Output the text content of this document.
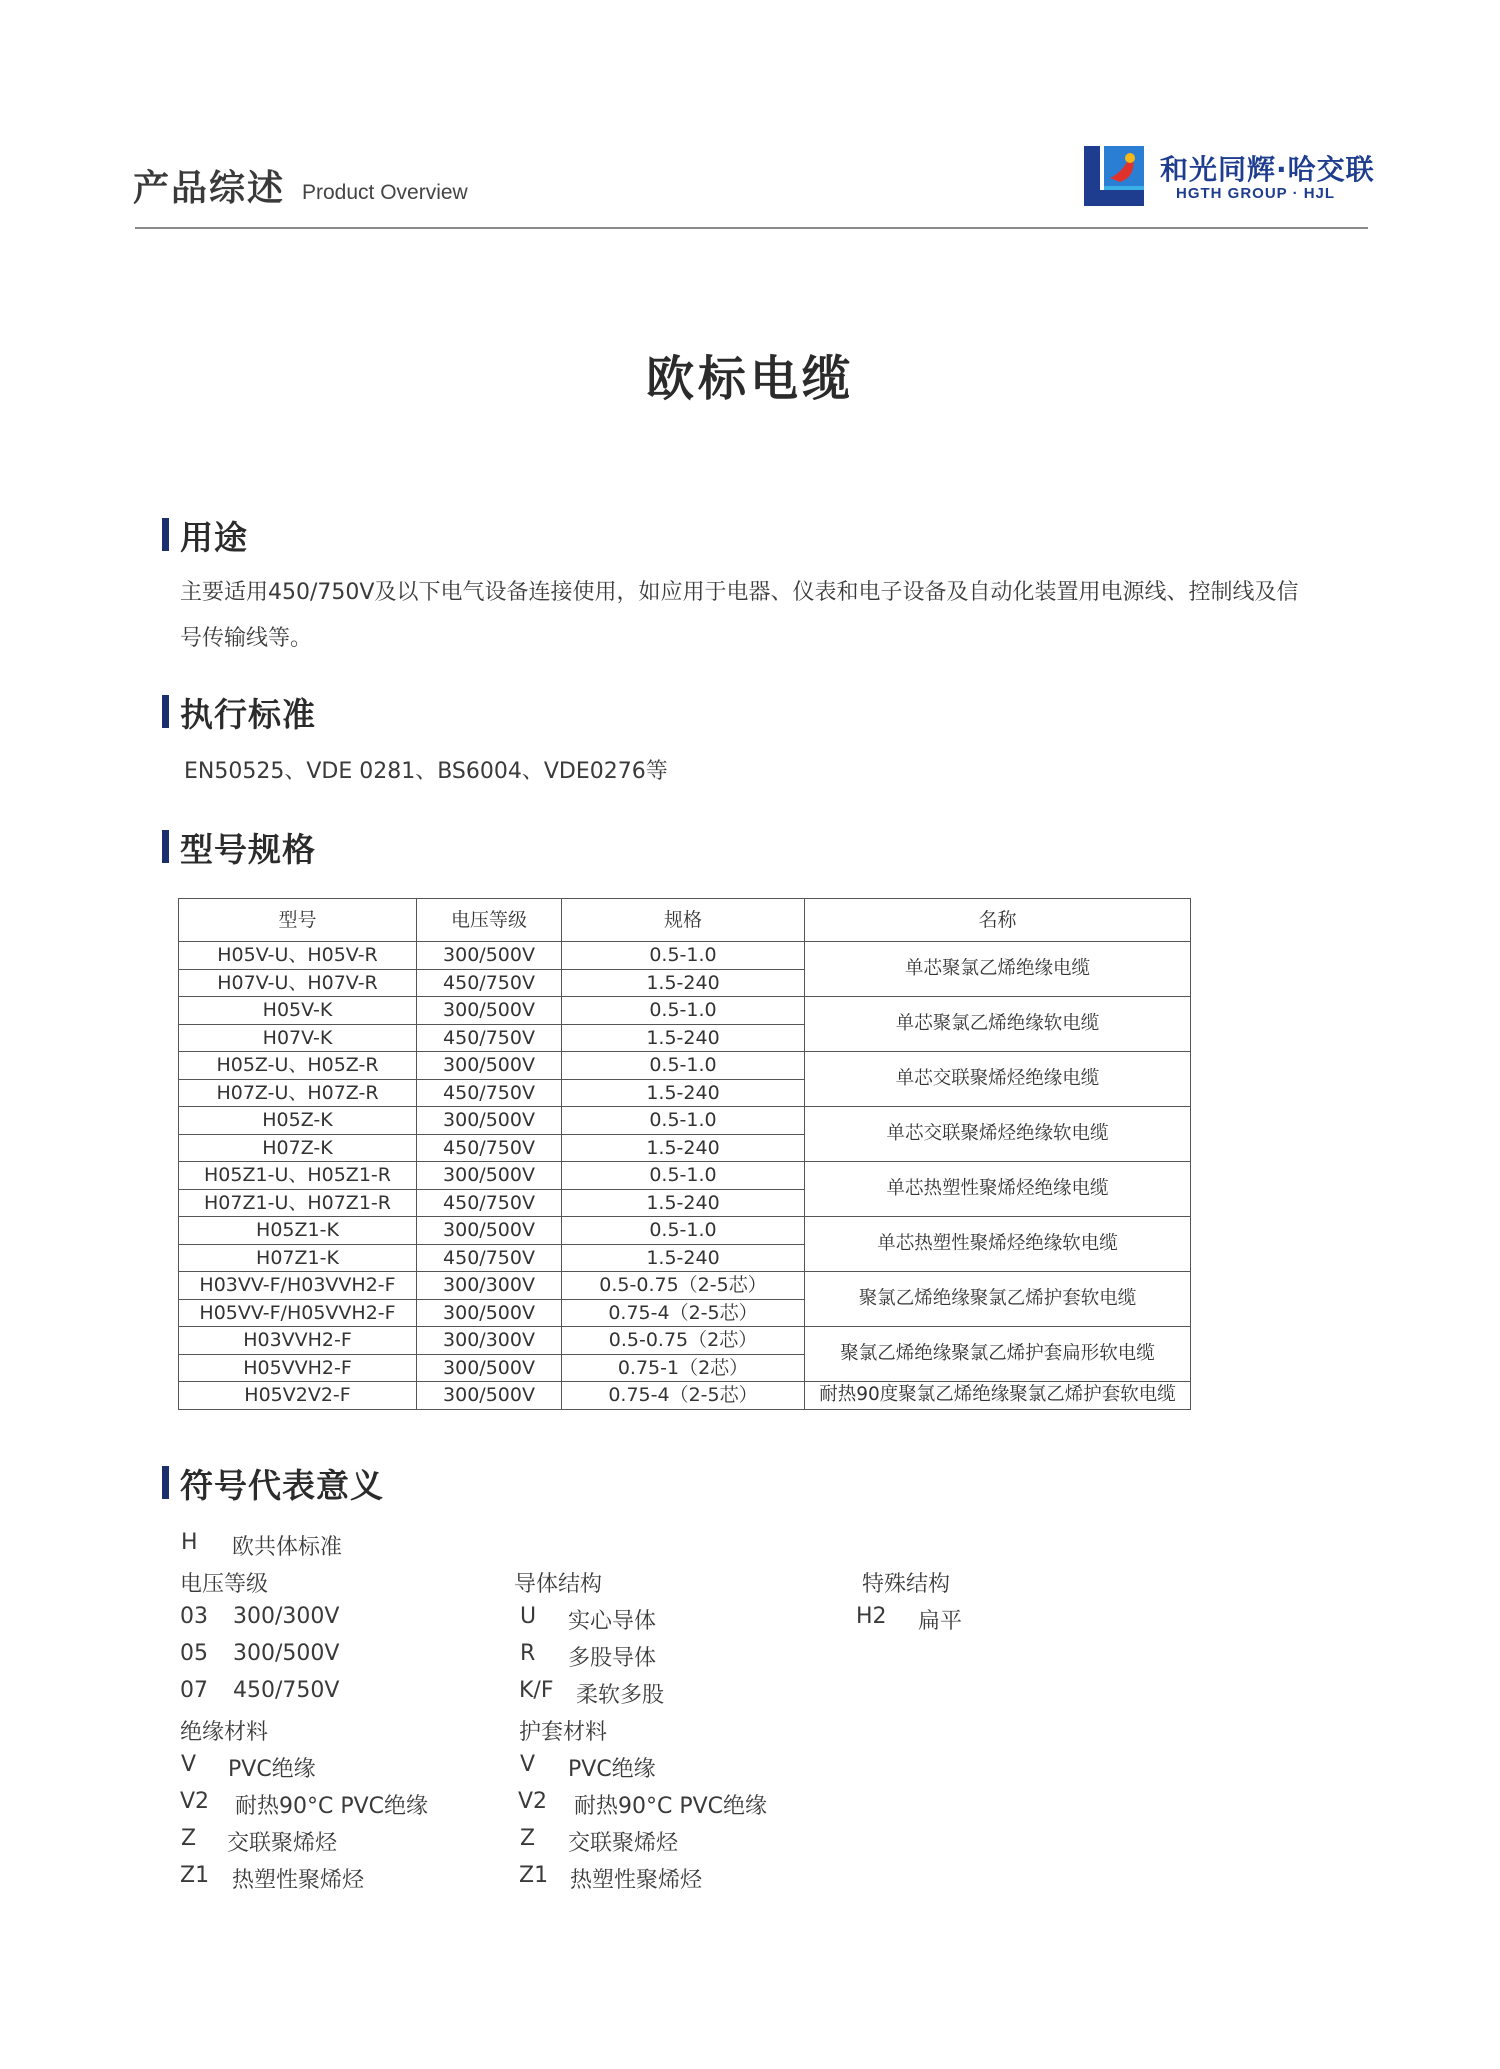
产品综述 Product Overview
和光同辉·哈交联
HGTH GROUP · HJL
欧标电缆
用途
主要适用450/750V及以下电气设备连接使用，如应用于电器、仪表和电子设备及自动化装置用电源线、控制线及信
号传输线等。
执行标准
EN50525、VDE 0281、BS6004、VDE0276等
型号规格
型号	电压等级	规格	名称
H05V-U、H05V-R	300/500V	0.5-1.0	单芯聚氯乙烯绝缘电缆
H07V-U、H07V-R	450/750V	1.5-240	
H05V-K	300/500V	0.5-1.0	单芯聚氯乙烯绝缘软电缆
H07V-K	450/750V	1.5-240	
H05Z-U、H05Z-R	300/500V	0.5-1.0	单芯交联聚烯烃绝缘电缆
H07Z-U、H07Z-R	450/750V	1.5-240	
H05Z-K	300/500V	0.5-1.0	单芯交联聚烯烃绝缘软电缆
H07Z-K	450/750V	1.5-240	
H05Z1-U、H05Z1-R	300/500V	0.5-1.0	单芯热塑性聚烯烃绝缘电缆
H07Z1-U、H07Z1-R	450/750V	1.5-240	
H05Z1-K	300/500V	0.5-1.0	单芯热塑性聚烯烃绝缘软电缆
H07Z1-K	450/750V	1.5-240	
H03VV-F/H03VVH2-F	300/300V	0.5-0.75（2-5芯）	聚氯乙烯绝缘聚氯乙烯护套软电缆
H05VV-F/H05VVH2-F	300/500V	0.75-4（2-5芯）	
H03VVH2-F	300/300V	0.5-0.75（2芯）	聚氯乙烯绝缘聚氯乙烯护套扁形软电缆
H05VVH2-F	300/500V	0.75-1（2芯）	
H05V2V2-F	300/500V	0.75-4（2-5芯）	耐热90度聚氯乙烯绝缘聚氯乙烯护套软电缆
符号代表意义
H 欧共体标准
电压等级
03 300/300V
05 300/500V
07 450/750V
绝缘材料
V PVC绝缘
V2 耐热90°C PVC绝缘
Z 交联聚烯烃
Z1 热塑性聚烯烃
导体结构
U 实心导体
R 多股导体
K/F 柔软多股
护套材料
V PVC绝缘
V2 耐热90°C PVC绝缘
Z 交联聚烯烃
Z1 热塑性聚烯烃
特殊结构
H2 扁平
